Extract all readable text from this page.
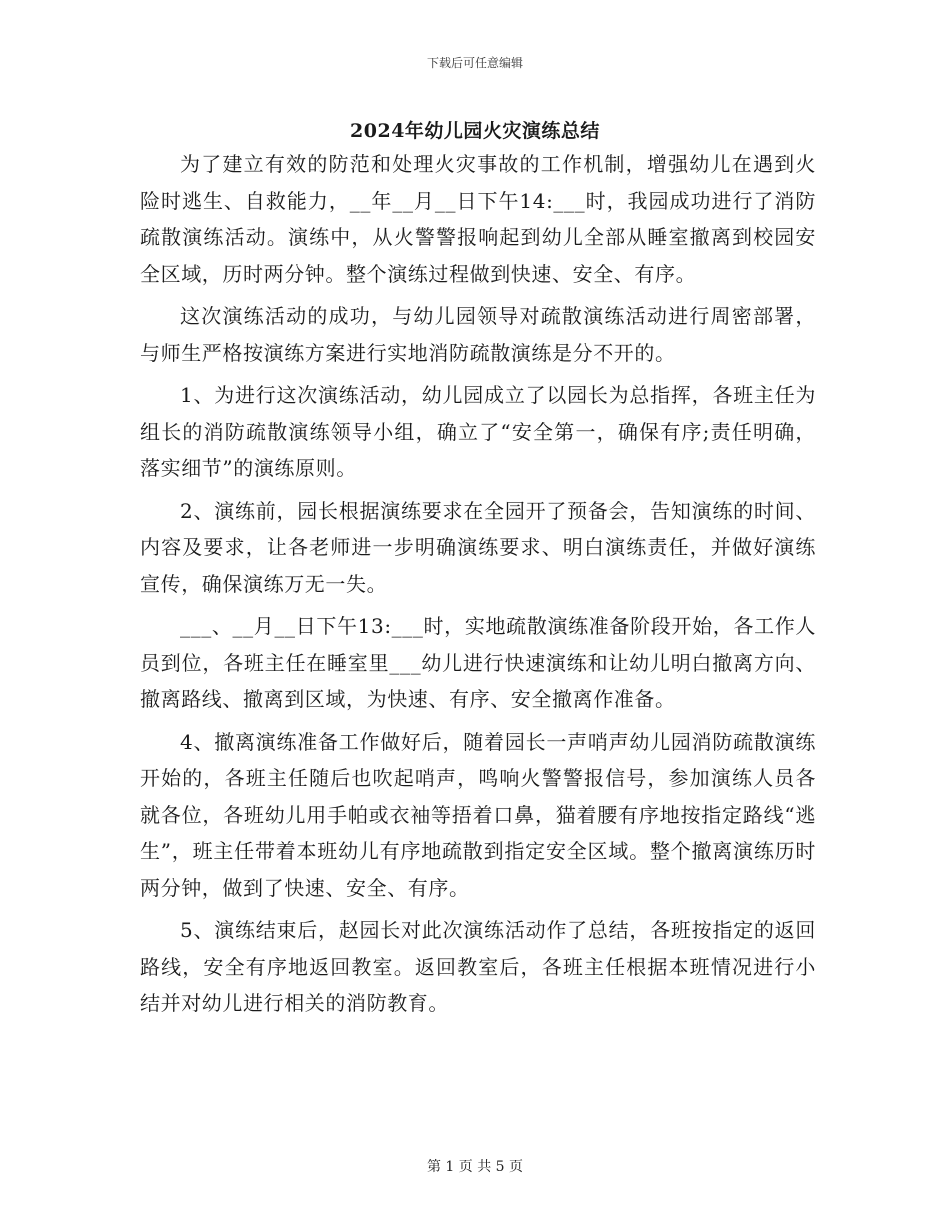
下载后可任意编辑
2024年幼儿园火灾演练总结

为了建立有效的防范和处理火灾事故的工作机制，增强幼儿在遇到火险时逃生、自救能力，__年__月__日下午14:___时，我园成功进行了消防疏散演练活动。演练中，从火警警报响起到幼儿全部从睡室撤离到校园安全区域，历时两分钟。整个演练过程做到快速、安全、有序。

这次演练活动的成功，与幼儿园领导对疏散演练活动进行周密部署，与师生严格按演练方案进行实地消防疏散演练是分不开的。

1、为进行这次演练活动，幼儿园成立了以园长为总指挥，各班主任为组长的消防疏散演练领导小组，确立了“安全第一，确保有序;责任明确，落实细节”的演练原则。

2、演练前，园长根据演练要求在全园开了预备会，告知演练的时间、内容及要求，让各老师进一步明确演练要求、明白演练责任，并做好演练宣传，确保演练万无一失。

___、__月__日下午13:___时，实地疏散演练准备阶段开始，各工作人员到位，各班主任在睡室里___幼儿进行快速演练和让幼儿明白撤离方向、撤离路线、撤离到区域，为快速、有序、安全撤离作准备。

4、撤离演练准备工作做好后，随着园长一声哨声幼儿园消防疏散演练开始的，各班主任随后也吹起哨声，鸣响火警警报信号，参加演练人员各就各位，各班幼儿用手帕或衣袖等捂着口鼻，猫着腰有序地按指定路线“逃生”，班主任带着本班幼儿有序地疏散到指定安全区域。整个撤离演练历时两分钟，做到了快速、安全、有序。

5、演练结束后，赵园长对此次演练活动作了总结，各班按指定的返回路线，安全有序地返回教室。返回教室后，各班主任根据本班情况进行小结并对幼儿进行相关的消防教育。

第 1 页 共 5 页
